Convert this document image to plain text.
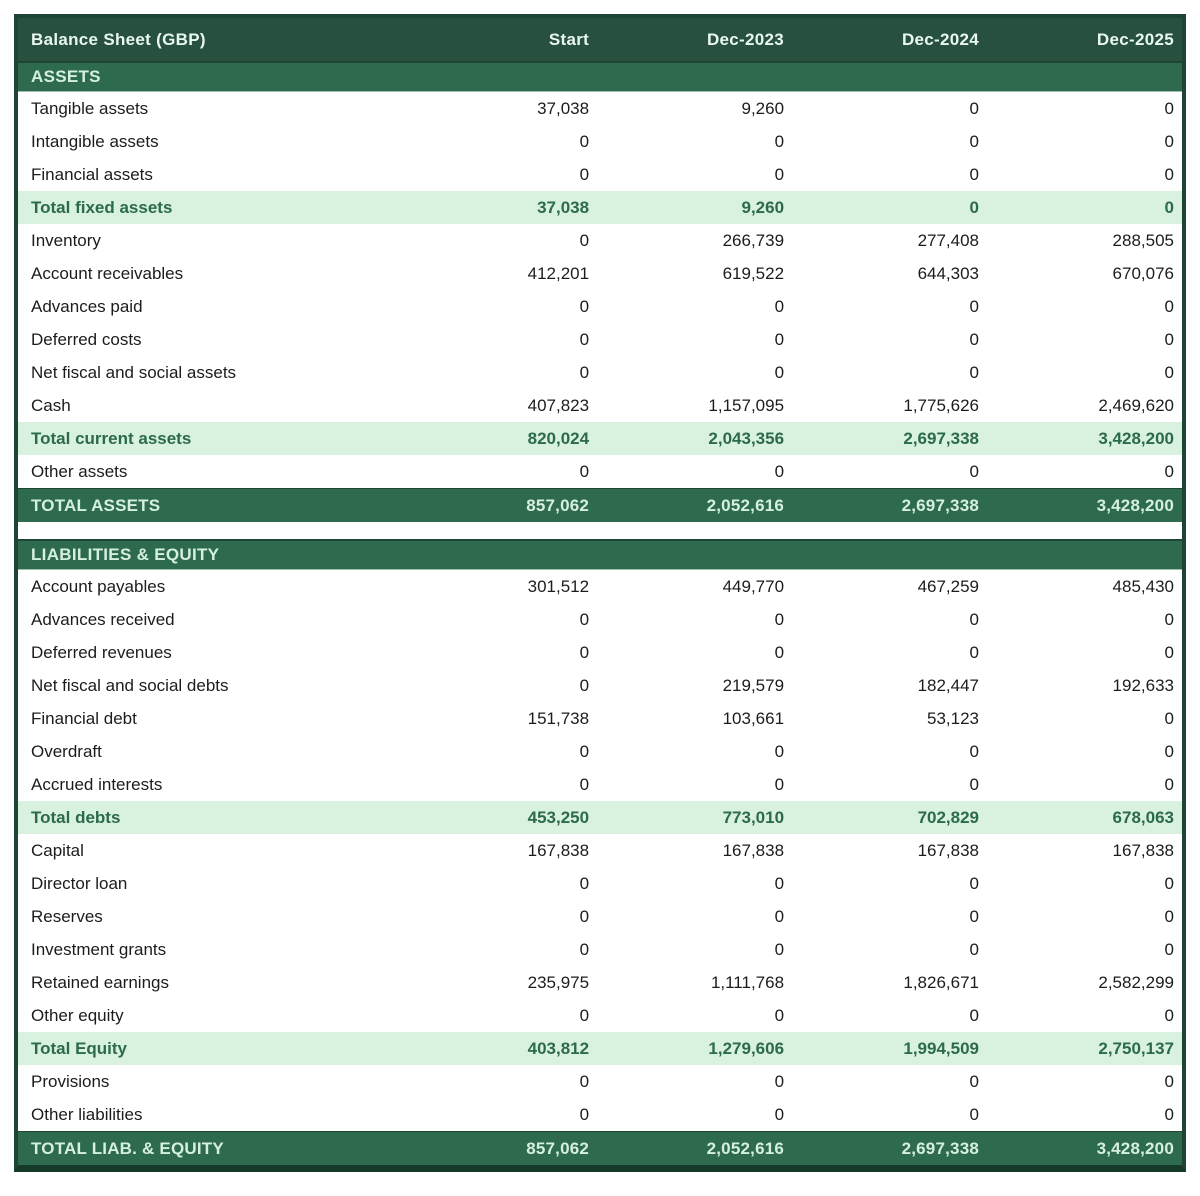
Balance Sheet (GBP)	Start	Dec-2023	Dec-2024	Dec-2025
ASSETS
Tangible assets	37,038	9,260	0	0
Intangible assets	0	0	0	0
Financial assets	0	0	0	0
Total fixed assets	37,038	9,260	0	0
Inventory	0	266,739	277,408	288,505
Account receivables	412,201	619,522	644,303	670,076
Advances paid	0	0	0	0
Deferred costs	0	0	0	0
Net fiscal and social assets	0	0	0	0
Cash	407,823	1,157,095	1,775,626	2,469,620
Total current assets	820,024	2,043,356	2,697,338	3,428,200
Other assets	0	0	0	0
TOTAL ASSETS	857,062	2,052,616	2,697,338	3,428,200
LIABILITIES & EQUITY
Account payables	301,512	449,770	467,259	485,430
Advances received	0	0	0	0
Deferred revenues	0	0	0	0
Net fiscal and social debts	0	219,579	182,447	192,633
Financial debt	151,738	103,661	53,123	0
Overdraft	0	0	0	0
Accrued interests	0	0	0	0
Total debts	453,250	773,010	702,829	678,063
Capital	167,838	167,838	167,838	167,838
Director loan	0	0	0	0
Reserves	0	0	0	0
Investment grants	0	0	0	0
Retained earnings	235,975	1,111,768	1,826,671	2,582,299
Other equity	0	0	0	0
Total Equity	403,812	1,279,606	1,994,509	2,750,137
Provisions	0	0	0	0
Other liabilities	0	0	0	0
TOTAL LIAB. & EQUITY	857,062	2,052,616	2,697,338	3,428,200
